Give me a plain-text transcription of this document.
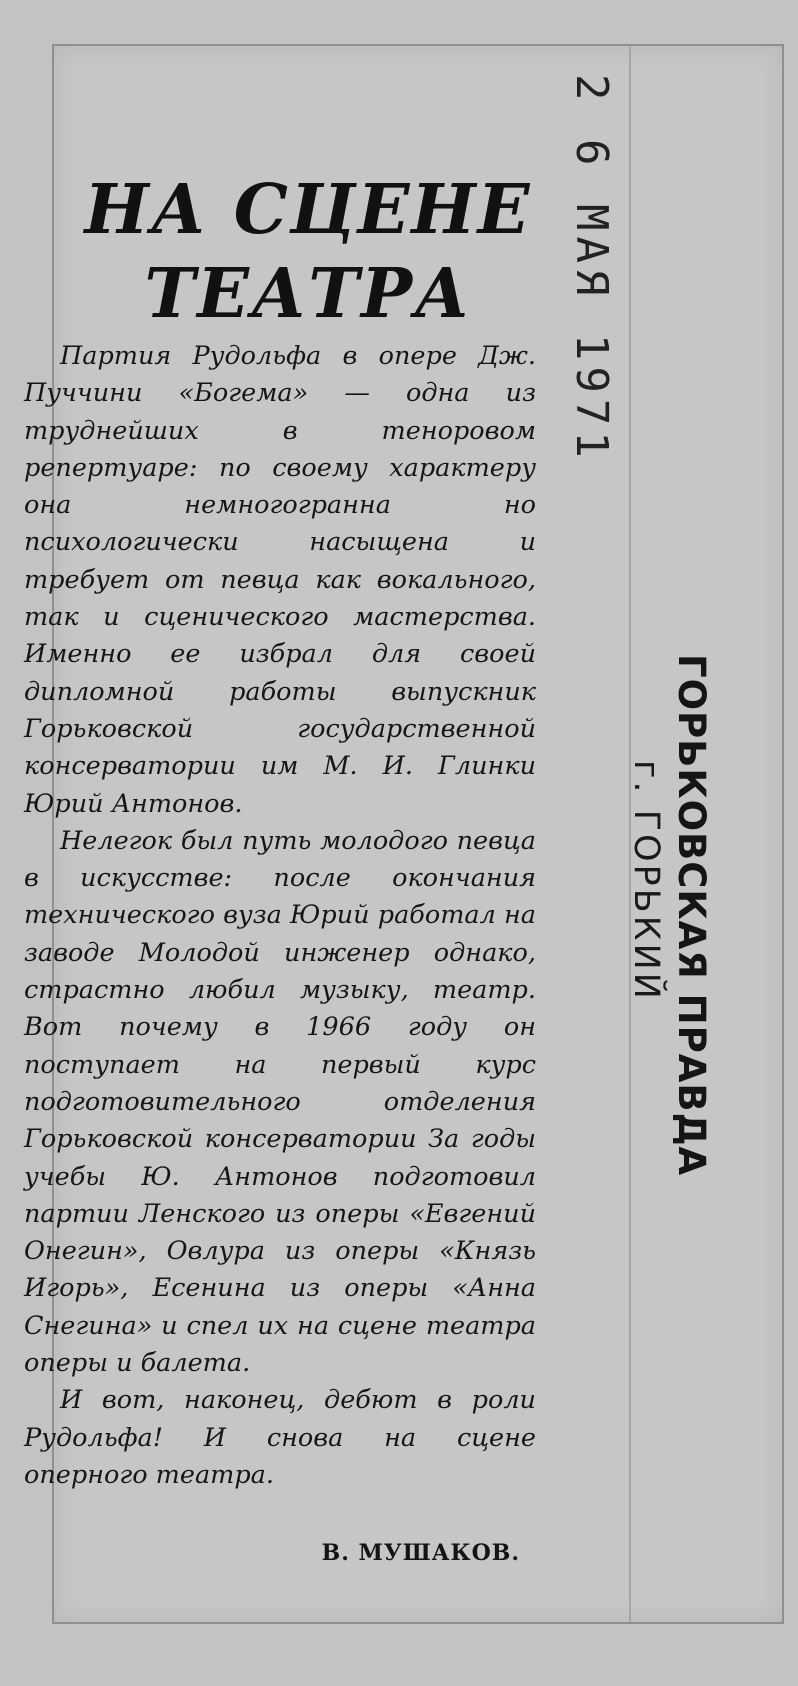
НА СЦЕНЕ
ТЕАТРА

Партия Рудольфа в опере Дж. Пуччини «Богема» — одна из труднейших в теноровом репертуаре: по своему характеру она немногогранна но психологически насыщена и требует от певца как вокального, так и сценического мастерства. Именно ее избрал для своей дипломной работы выпускник Горьковской государственной консерватории им М. И. Глинки Юрий Антонов.

Нелегок был путь молодого певца в искусстве: после окончания технического вуза Юрий работал на заводе Молодой инженер однако, страстно любил музыку, театр. Вот почему в 1966 году он поступает на первый курс подготовительного отделения Горьковской консерватории За годы учебы Ю. Антонов подготовил партии Ленского из оперы «Евгений Онегин», Овлура из оперы «Князь Игорь», Есенина из оперы «Анна Снегина» и спел их на сцене театра оперы и балета.

И вот, наконец, дебют в роли Рудольфа! И снова на сцене оперного театра.

В. МУШАКОВ.
2 6 МАЯ 1971
ГОРЬКОВСКАЯ ПРАВДА
г. ГОРЬКИЙ
